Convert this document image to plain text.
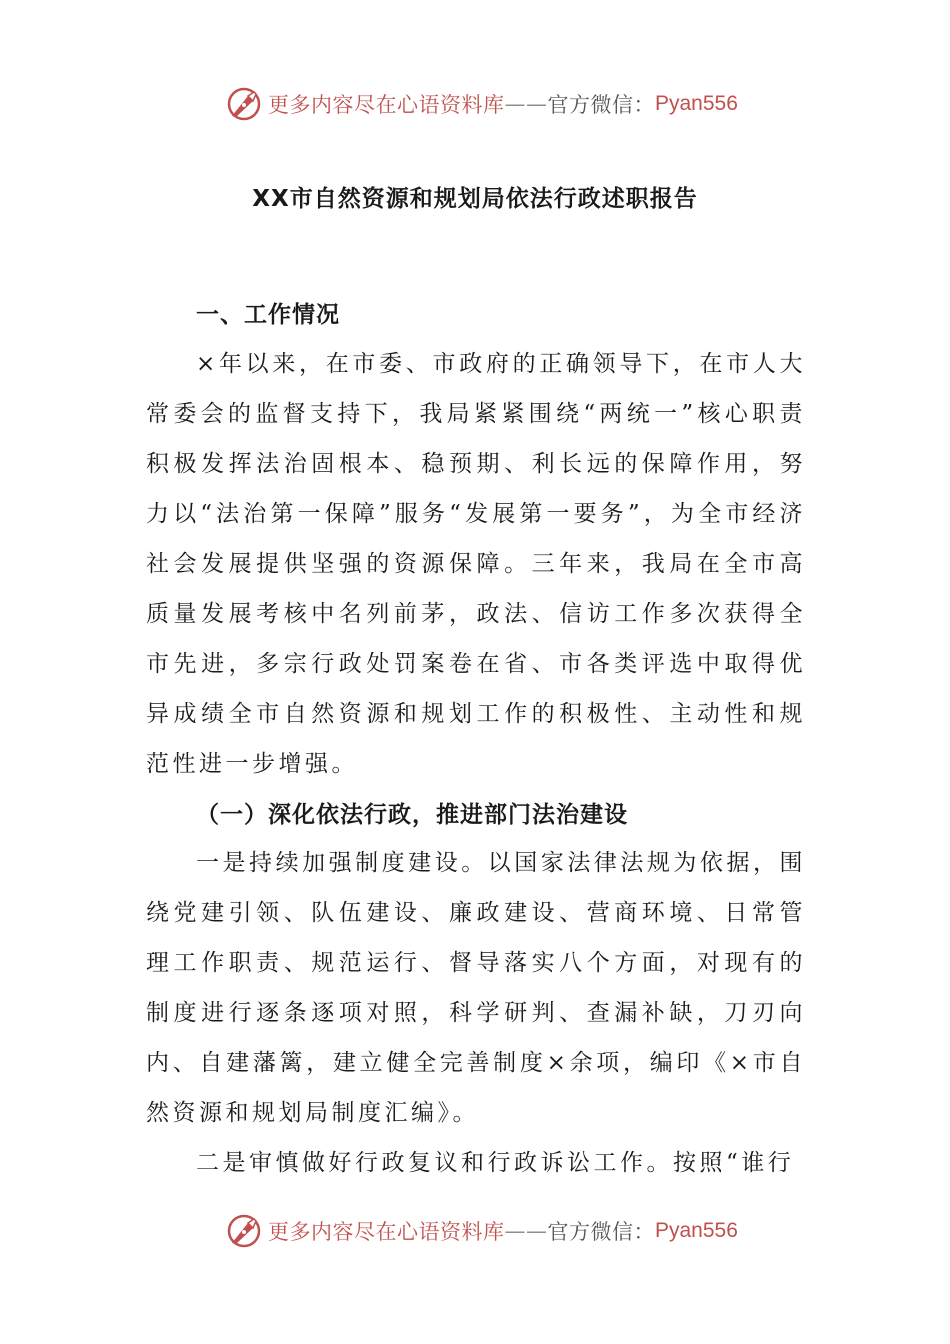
更多内容尽在心语资料库 —— 官方微信： Pyan556
XX市自然资源和规划局依法行政述职报告
一、工作情况

×年以来，在市委、市政府的正确领导下，在市人大常委会的监督支持下，我局紧紧围绕“两统一”核心职责积极发挥法治固根本、稳预期、利长远的保障作用，努力以“法治第一保障”服务“发展第一要务”，为全市经济社会发展提供坚强的资源保障。三年来，我局在全市高质量发展考核中名列前茅，政法、信访工作多次获得全市先进，多宗行政处罚案卷在省、市各类评选中取得优异成绩全市自然资源和规划工作的积极性、主动性和规范性进一步增强。

（一）深化依法行政，推进部门法治建设

一是持续加强制度建设。以国家法律法规为依据，围绕党建引领、队伍建设、廉政建设、营商环境、日常管理工作职责、规范运行、督导落实八个方面，对现有的制度进行逐条逐项对照，科学研判、查漏补缺，刀刃向内、自建藩篱，建立健全完善制度×余项，编印《×市自然资源和规划局制度汇编》。

二是审慎做好行政复议和行政诉讼工作。按照“谁行

更多内容尽在心语资料库 —— 官方微信： Pyan556
